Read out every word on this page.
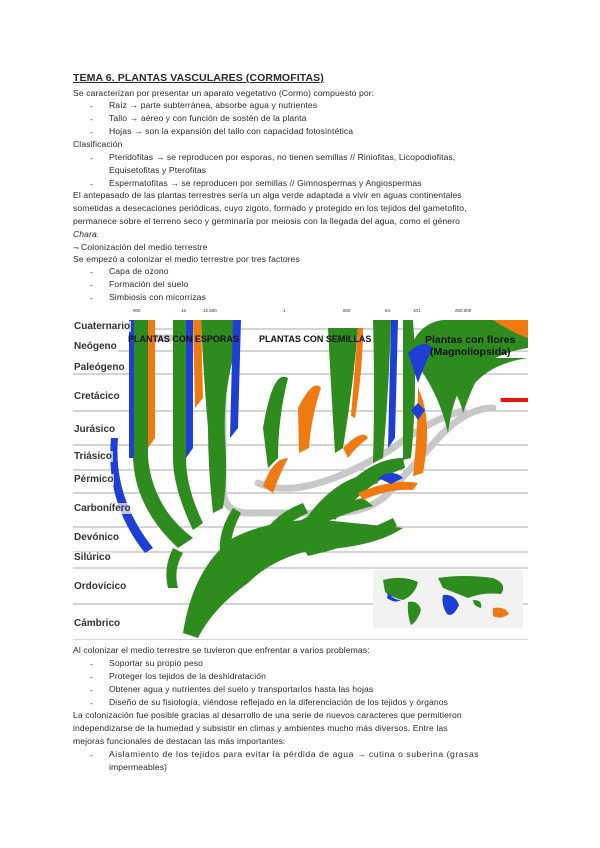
TEMA 6. PLANTAS VASCULARES (CORMOFITAS)
Se caracterizan por presentar un aparato vegetativo (Cormo) compuesto por:
- Raíz → parte subterránea, absorbe agua y nutrientes
- Tallo → aéreo y con función de sostén de la planta
- Hojas → son la expansión del tallo con capacidad fotosintética
Clasificación
- Pteridofitas → se reproducen por esporas, no tienen semillas // Riniofitas, Licopodiofitas,
Equisetofitas y Pterofitas
- Espermatofitas → se reproducen por semillas // Gimnospermas y Angiospermas
El antepasado de las plantas terrestres sería un alga verde adaptada a vivir en aguas continentales
sometidas a desecaciones periódicas, cuyo zigoto, formado y protegido en los tejidos del gametofito,
permanece sobre el terreno seco y germinaría por meiosis con la llegada del agua, como el género
Chara.
⇁ Colonización del medio terrestre
Se empezó a colonizar el medio terrestre por tres factores
- Capa de ozono
- Formación del suelo
- Simbiosis con micorrizas
900	15	12.500	1	800	84	101	260.000
Cuaternario
Neógeno
Paleógeno
Cretácico
Jurásico
Triásico
Pérmico
Carbonífero
Devónico
Silúrico
Ordovícico
Cámbrico
PLANTAS CON ESPORAS PLANTAS CON SEMILLAS	Plantas con flores
(Magnoliopsida)
Al colonizar el medio terrestre se tuvieron que enfrentar a varios problemas:
- Soportar su propio peso
- Proteger los tejidos de la deshidratación
- Obtener agua y nutrientes del suelo y transportarlos hasta las hojas
- Diseño de su fisiología, viéndose reflejado en la diferenciación de los tejidos y órganos
La colonización fue posible gracias al desarrollo de una serie de nuevos caracteres que permitieron
independizarse de la humedad y subsistir en climas y ambientes mucho más diversos. Entre las
mejoras funcionales de destacan las más importantes:
- Aislamiento de los tejidos para evitar la pérdida de agua → cutina o suberina (grasas
impermeables)
